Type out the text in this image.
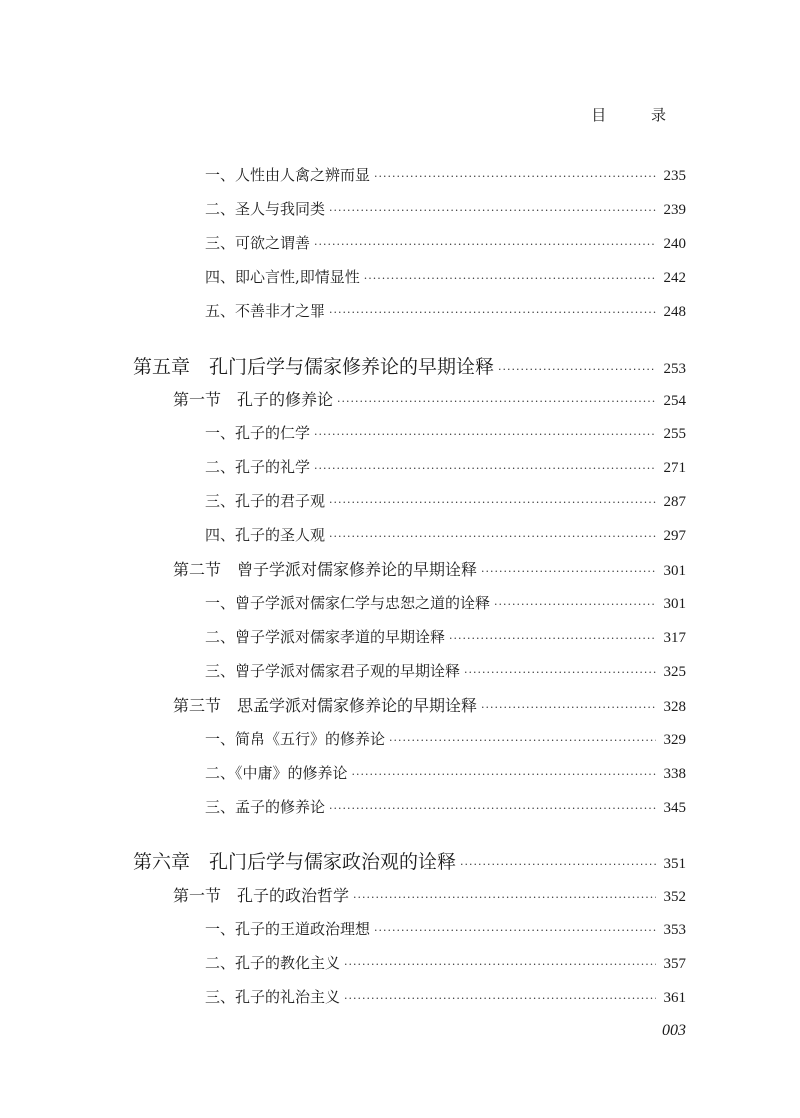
目 录
一、人性由人禽之辨而显 ·····	235
二、圣人与我同类 ·····	239
三、可欲之谓善 ·····	240
四、即心言性,即情显性 ·····	242
五、不善非才之罪 ·····	248
第五章　孔门后学与儒家修养论的早期诠释 ·····	253
第一节　孔子的修养论 ·····	254
一、孔子的仁学 ·····	255
二、孔子的礼学 ·····	271
三、孔子的君子观 ·····	287
四、孔子的圣人观 ·····	297
第二节　曾子学派对儒家修养论的早期诠释 ·····	301
一、曾子学派对儒家仁学与忠恕之道的诠释 ·····	301
二、曾子学派对儒家孝道的早期诠释 ·····	317
三、曾子学派对儒家君子观的早期诠释 ·····	325
第三节　思孟学派对儒家修养论的早期诠释 ·····	328
一、简帛《五行》的修养论 ·····	329
二、《中庸》的修养论 ·····	338
三、孟子的修养论 ·····	345
第六章　孔门后学与儒家政治观的诠释 ·····	351
第一节　孔子的政治哲学 ·····	352
一、孔子的王道政治理想 ·····	353
二、孔子的教化主义 ·····	357
三、孔子的礼治主义 ·····	361
003
